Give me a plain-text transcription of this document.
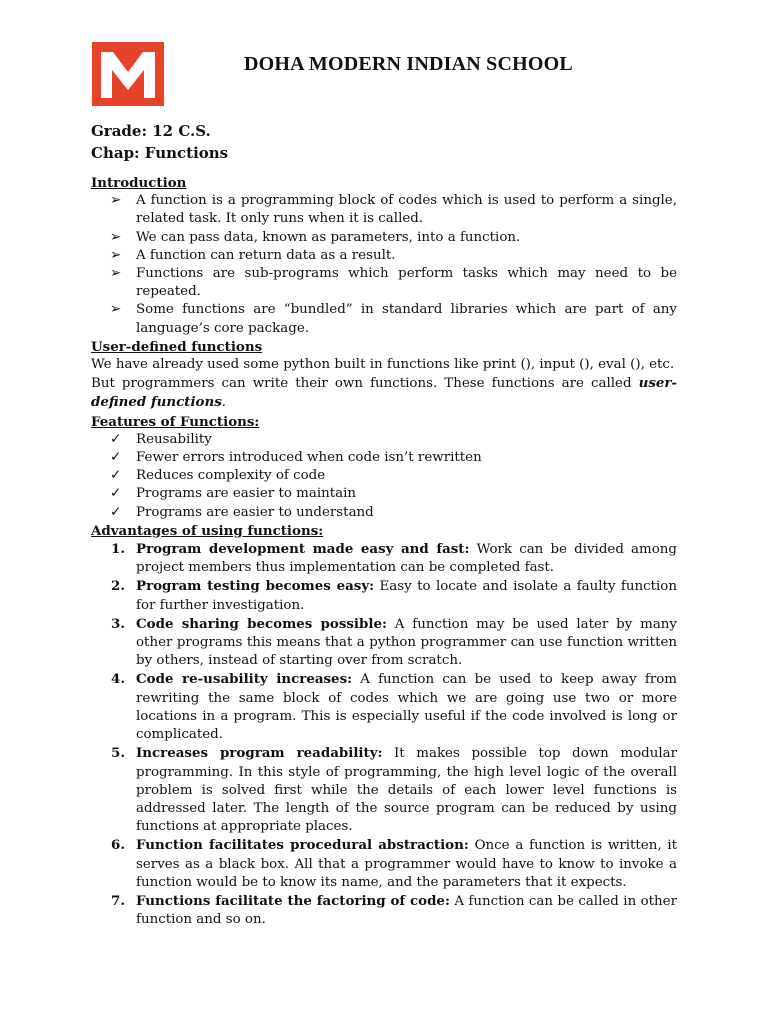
DOHA MODERN INDIAN SCHOOL
Grade: 12 C.S.
Chap: Functions
Introduction
➢ A function is a programming block of codes which is used to perform a single, related task. It only runs when it is called.
➢ We can pass data, known as parameters, into a function.
➢ A function can return data as a result.
➢ Functions are sub-programs which perform tasks which may need to be repeated.
➢ Some functions are “bundled” in standard libraries which are part of any language’s core package.
User-defined functions

We have already used some python built in functions like print (), input (), eval (), etc.

But programmers can write their own functions. These functions are called user-defined functions.

Features of Functions:
✓ Reusability
✓ Fewer errors introduced when code isn’t rewritten
✓ Reduces complexity of code
✓ Programs are easier to maintain
✓ Programs are easier to understand
Advantages of using functions:
1. Program development made easy and fast: Work can be divided among project members thus implementation can be completed fast.
2. Program testing becomes easy: Easy to locate and isolate a faulty function for further investigation.
3. Code sharing becomes possible: A function may be used later by many other programs this means that a python programmer can use function written by others, instead of starting over from scratch.
4. Code re-usability increases: A function can be used to keep away from rewriting the same block of codes which we are going use two or more locations in a program. This is especially useful if the code involved is long or complicated.
5. Increases program readability: It makes possible top down modular programming. In this style of programming, the high level logic of the overall problem is solved first while the details of each lower level functions is addressed later. The length of the source program can be reduced by using functions at appropriate places.
6. Function facilitates procedural abstraction: Once a function is written, it serves as a black box. All that a programmer would have to know to invoke a function would be to know its name, and the parameters that it expects.
7. Functions facilitate the factoring of code: A function can be called in other function and so on.
